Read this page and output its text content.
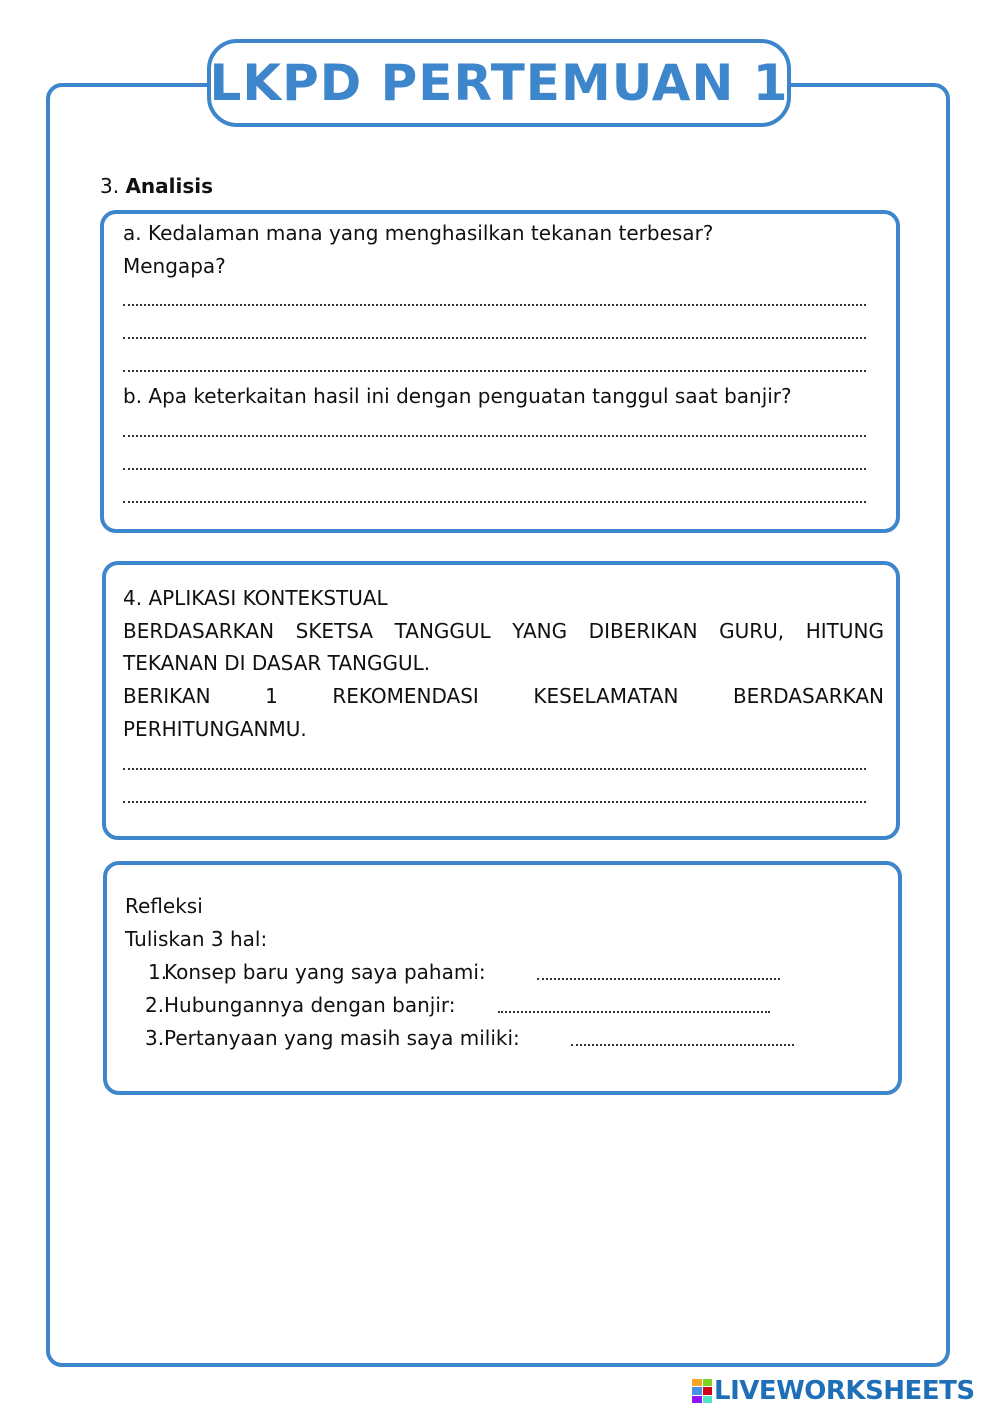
LKPD PERTEMUAN 1
3. Analisis
a. Kedalaman mana yang menghasilkan tekanan terbesar?
Mengapa?
b. Apa keterkaitan hasil ini dengan penguatan tanggul saat banjir?
4. APLIKASI KONTEKSTUAL
BERDASARKAN SKETSA TANGGUL YANG DIBERIKAN GURU, HITUNG
TEKANAN DI DASAR TANGGUL.
BERIKAN 1 REKOMENDASI KESELAMATAN BERDASARKAN
PERHITUNGANMU.
Refleksi
Tuliskan 3 hal:
1.
Konsep baru yang saya pahami:
2. Hubungannya dengan banjir:
3. Pertanyaan yang masih saya miliki:
LIVEWORKSHEETS
